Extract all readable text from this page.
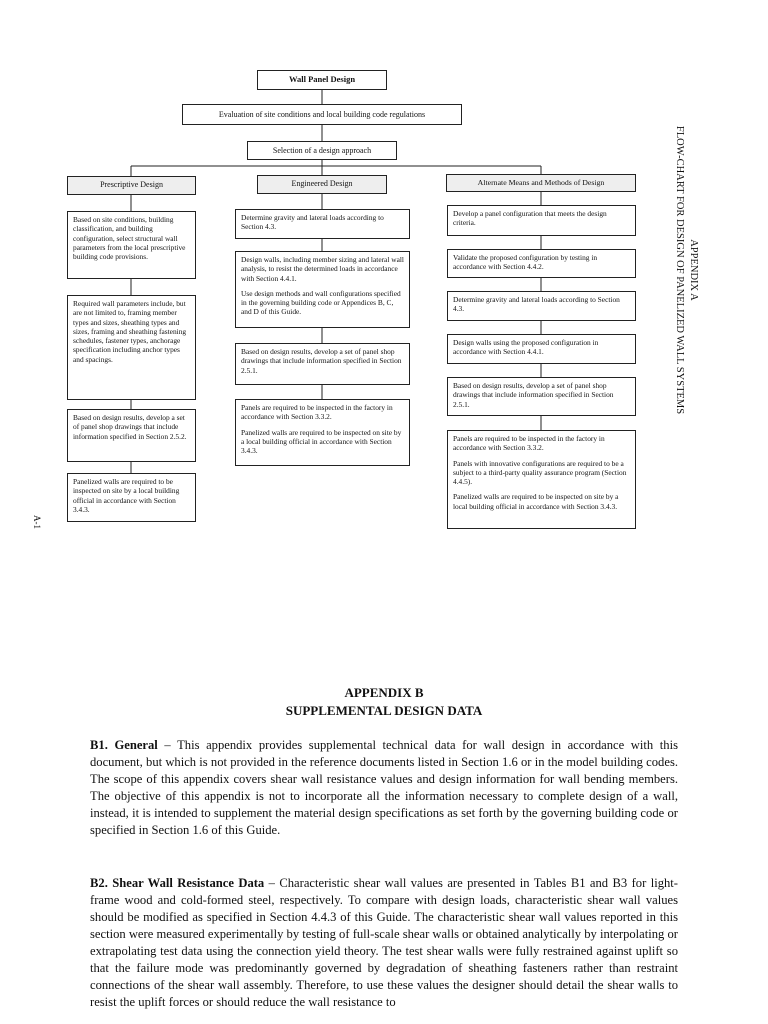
Wall Panel Design
Evaluation of site conditions and local building code regulations
Selection of a design approach
Prescriptive Design	Engineered Design	Alternate Means and Methods of Design

Based on site conditions, building classification, and building configuration, select structural wall parameters from the local prescriptive building code provisions.

Required wall parameters include, but are not limited to, framing member types and sizes, sheathing types and sizes, framing and sheathing fastening schedules, fastener types, anchorage specification including anchor types and spacings.

Based on design results, develop a set of panel shop drawings that include information specified in Section 2.5.2.

Panelized walls are required to be inspected on site by a local building official in accordance with Section 3.4.3.

Determine gravity and lateral loads according to Section 4.3.

Design walls, including member sizing and lateral wall analysis, to resist the determined loads in accordance with Section 4.4.1.

Use design methods and wall configurations specified in the governing building code or Appendices B, C, and D of this Guide.

Based on design results, develop a set of panel shop drawings that include information specified in Section 2.5.1.

Panels are required to be inspected in the factory in accordance with Section 3.3.2.

Panelized walls are required to be inspected on site by a local building official in accordance with Section 3.4.3.

Develop a panel configuration that meets the design criteria.

Validate the proposed configuration by testing in accordance with Section 4.4.2.

Determine gravity and lateral loads according to Section 4.3.

Design walls using the proposed configuration in accordance with Section 4.4.1.

Based on design results, develop a set of panel shop drawings that include information specified in Section 2.5.1.

Panels are required to be inspected in the factory in accordance with Section 3.3.2.

Panels with innovative configurations are required to be a subject to a third-party quality assurance program (Section 4.4.5).

Panelized walls are required to be inspected on site by a local building official in accordance with Section 3.4.3.

APPENDIX A
FLOW-CHART FOR DESIGN OF PANELIZED WALL SYSTEMS
A-1
APPENDIX B
SUPPLEMENTAL DESIGN DATA
B1. General – This appendix provides supplemental technical data for wall design in accordance with this document, but which is not provided in the reference documents listed in Section 1.6 or in the model building codes. The scope of this appendix covers shear wall resistance values and design information for wall bending members. The objective of this appendix is not to incorporate all the information necessary to complete design of a wall, instead, it is intended to supplement the material design specifications as set forth by the governing building code or specified in Section 1.6 of this Guide.
B2. Shear Wall Resistance Data – Characteristic shear wall values are presented in Tables B1 and B3 for light-frame wood and cold-formed steel, respectively. To compare with design loads, characteristic shear wall values should be modified as specified in Section 4.4.3 of this Guide. The characteristic shear wall values reported in this section were measured experimentally by testing of full-scale shear walls or obtained analytically by interpolating or extrapolating test data using the connection yield theory. The test shear walls were fully restrained against uplift so that the failure mode was predominantly governed by degradation of sheathing fasteners rather than restraint connections of the shear wall assembly. Therefore, to use these values the designer should detail the shear walls to resist the uplift forces or should reduce the wall resistance to
